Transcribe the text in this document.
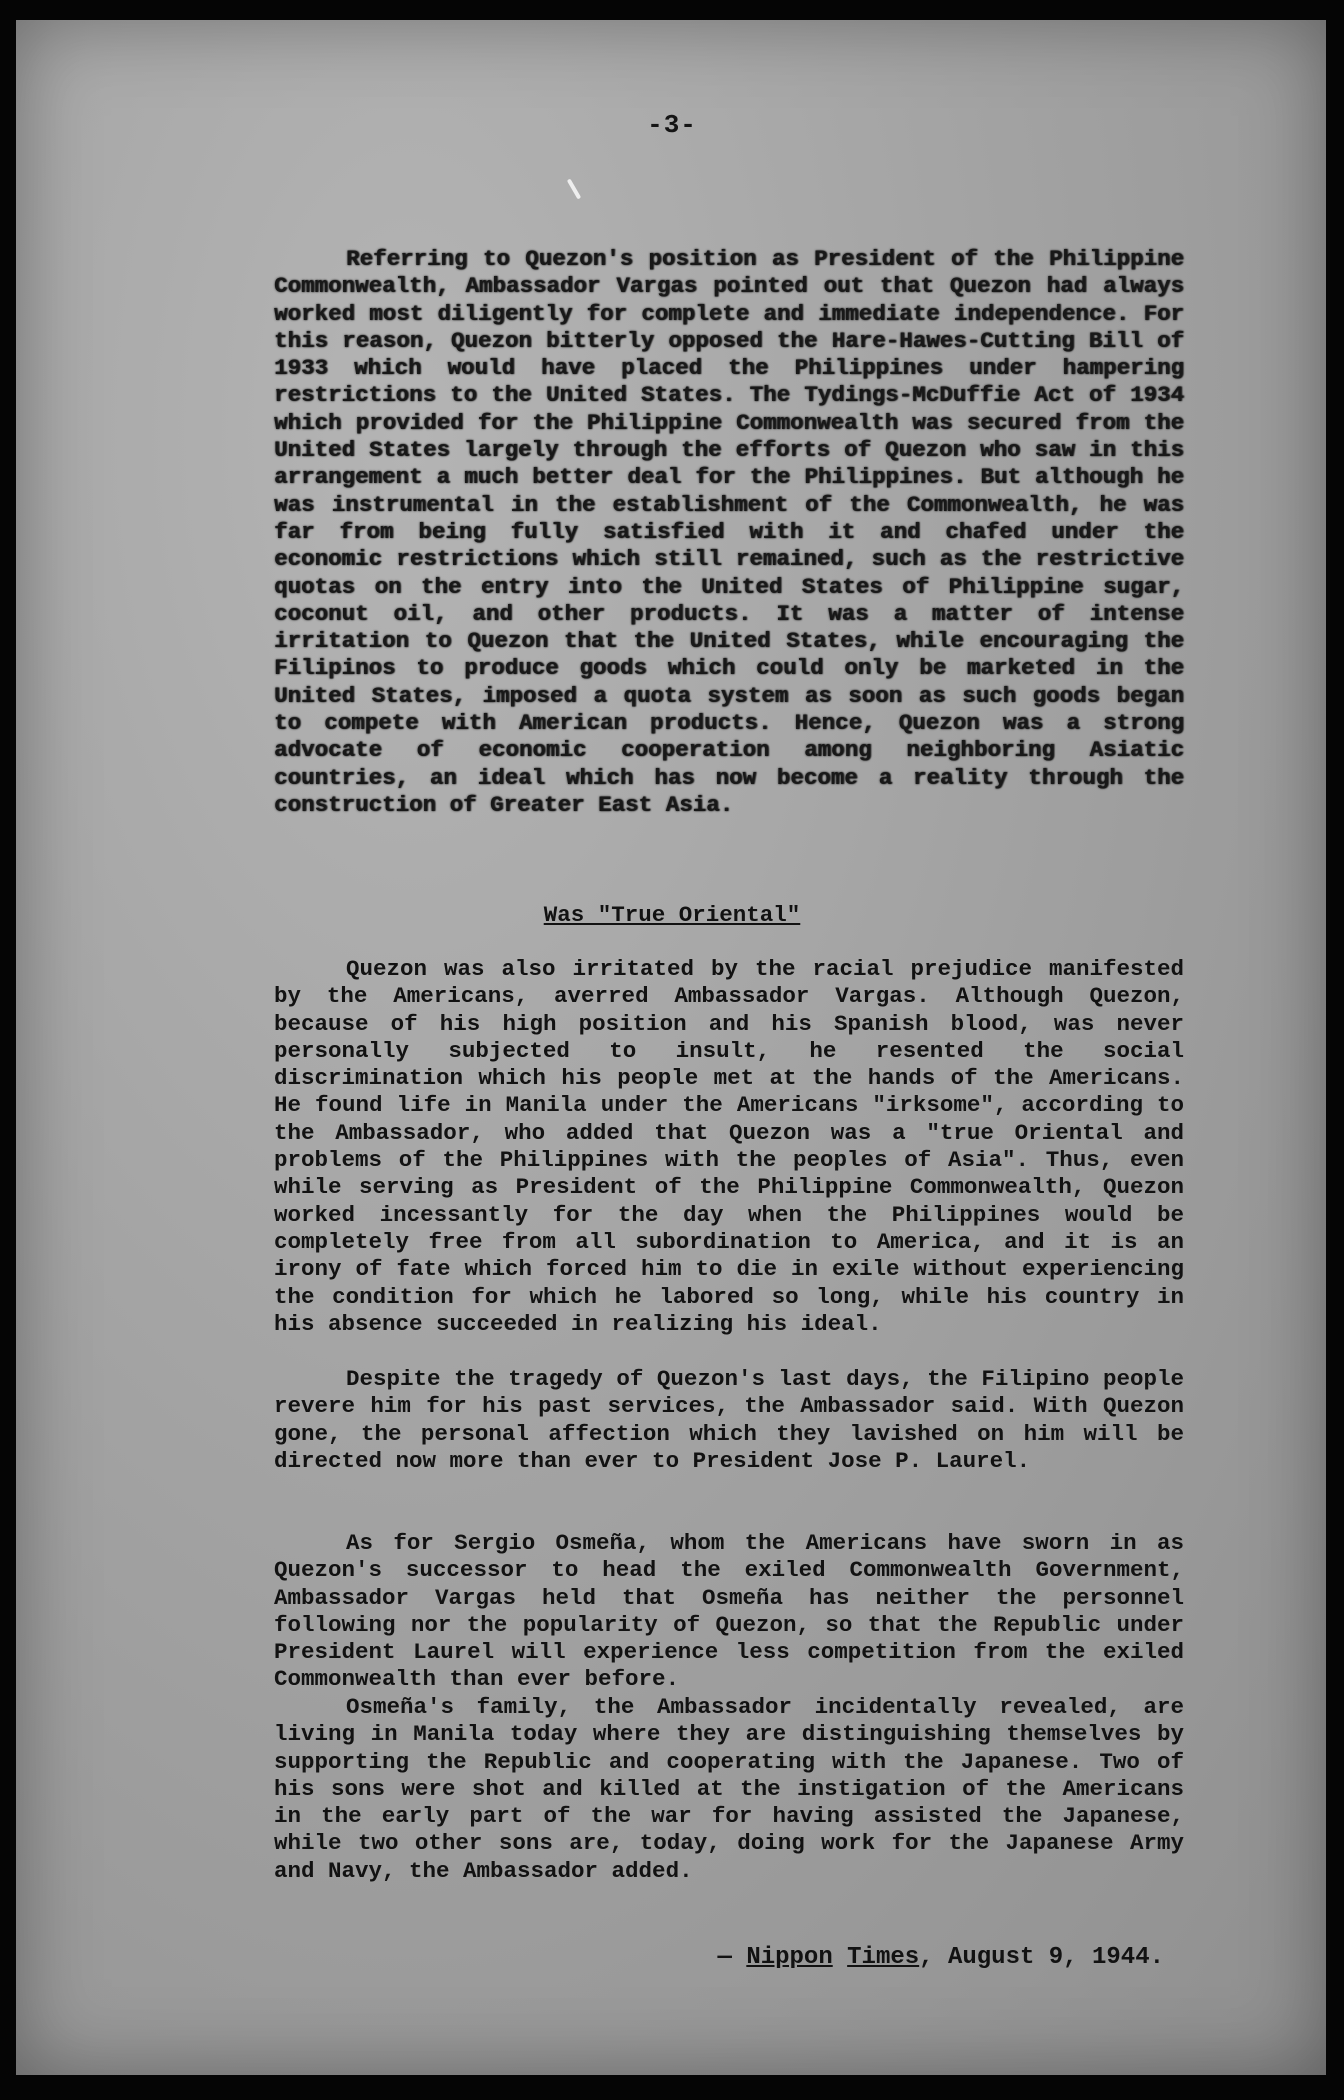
-3-

Referring to Quezon's position as President of the Philippine Commonwealth, Ambassador Vargas pointed out that Quezon had always worked most diligently for complete and immediate independence. For this reason, Quezon bitterly opposed the Hare-Hawes-Cutting Bill of 1933 which would have placed the Philippines under hampering restrictions to the United States. The Tydings-McDuffie Act of 1934 which provided for the Philippine Commonwealth was secured from the United States largely through the efforts of Quezon who saw in this arrangement a much better deal for the Philippines. But although he was instrumental in the establishment of the Commonwealth, he was far from being fully satisfied with it and chafed under the economic restrictions which still remained, such as the restrictive quotas on the entry into the United States of Philippine sugar, coconut oil, and other products. It was a matter of intense irritation to Quezon that the United States, while encouraging the Filipinos to produce goods which could only be marketed in the United States, imposed a quota system as soon as such goods began to compete with American products. Hence, Quezon was a strong advocate of economic cooperation among neighboring Asiatic countries, an ideal which has now become a reality through the construction of Greater East Asia.

Was "True Oriental"

Quezon was also irritated by the racial prejudice manifested by the Americans, averred Ambassador Vargas. Although Quezon, because of his high position and his Spanish blood, was never personally subjected to insult, he resented the social discrimination which his people met at the hands of the Americans. He found life in Manila under the Americans "irksome", according to the Ambassador, who added that Quezon was a "true Oriental and problems of the Philippines with the peoples of Asia". Thus, even while serving as President of the Philippine Commonwealth, Quezon worked incessantly for the day when the Philippines would be completely free from all subordination to America, and it is an irony of fate which forced him to die in exile without experiencing the condition for which he labored so long, while his country in his absence succeeded in realizing his ideal.

Despite the tragedy of Quezon's last days, the Filipino people revere him for his past services, the Ambassador said. With Quezon gone, the personal affection which they lavished on him will be directed now more than ever to President Jose P. Laurel.

As for Sergio Osmeña, whom the Americans have sworn in as Quezon's successor to head the exiled Commonwealth Government, Ambassador Vargas held that Osmeña has neither the personnel following nor the popularity of Quezon, so that the Republic under President Laurel will experience less competition from the exiled Commonwealth than ever before.

Osmeña's family, the Ambassador incidentally revealed, are living in Manila today where they are distinguishing themselves by supporting the Republic and cooperating with the Japanese. Two of his sons were shot and killed at the instigation of the Americans in the early part of the war for having assisted the Japanese, while two other sons are, today, doing work for the Japanese Army and Navy, the Ambassador added.

— Nippon Times, August 9, 1944.
